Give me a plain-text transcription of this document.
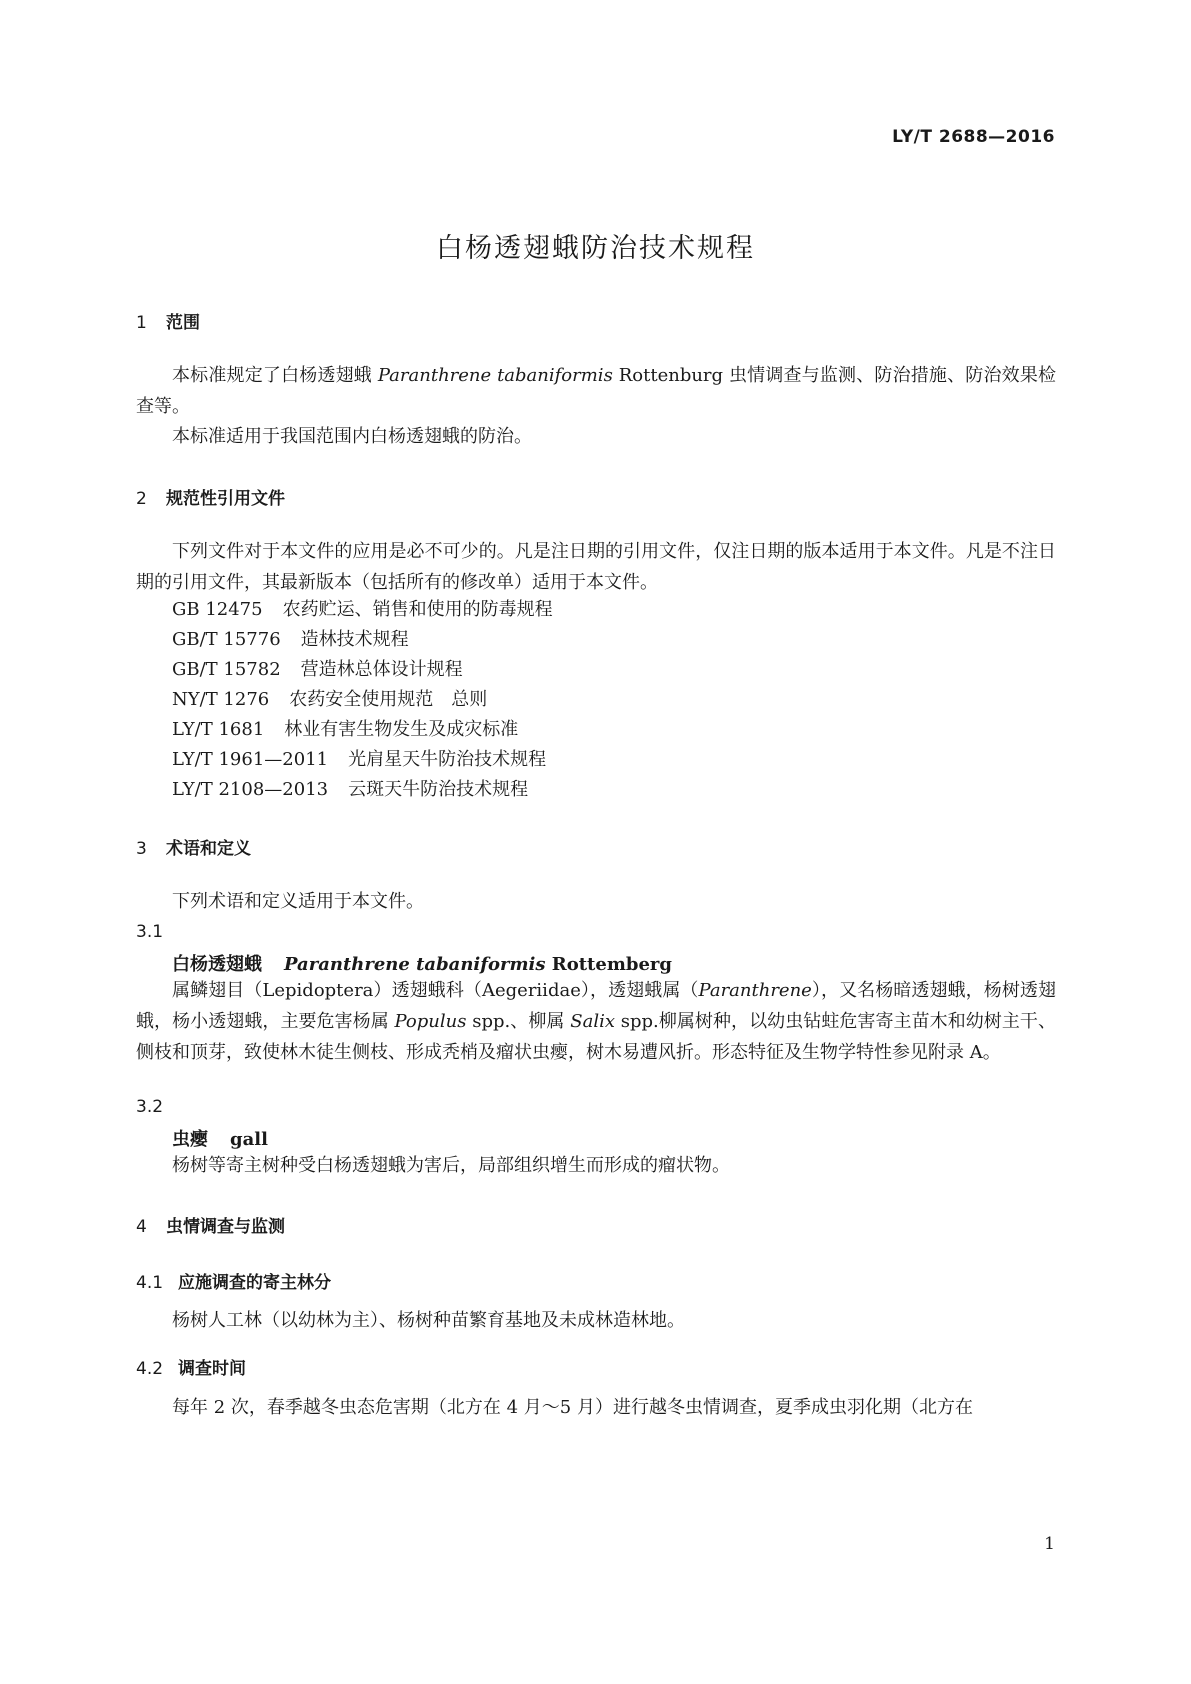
LY/T 2688—2016
白杨透翅蛾防治技术规程
1 范围
本标准规定了白杨透翅蛾 Paranthrene tabaniformis Rottenburg 虫情调查与监测、防治措施、防治效果检查等。
本标准适用于我国范围内白杨透翅蛾的防治。
2 规范性引用文件
下列文件对于本文件的应用是必不可少的。凡是注日期的引用文件，仅注日期的版本适用于本文件。凡是不注日期的引用文件，其最新版本（包括所有的修改单）适用于本文件。
GB 12475 农药贮运、销售和使用的防毒规程
GB/T 15776 造林技术规程
GB/T 15782 营造林总体设计规程
NY/T 1276 农药安全使用规范　总则
LY/T 1681 林业有害生物发生及成灾标准
LY/T 1961—2011 光肩星天牛防治技术规程
LY/T 2108—2013 云斑天牛防治技术规程
3 术语和定义
下列术语和定义适用于本文件。
3.1
白杨透翅蛾 Paranthrene tabaniformis Rottemberg
属鳞翅目（Lepidoptera）透翅蛾科（Aegeriidae），透翅蛾属（Paranthrene），又名杨暗透翅蛾，杨树透翅蛾，杨小透翅蛾，主要危害杨属 Populus spp.、柳属 Salix spp.柳属树种，以幼虫钻蛀危害寄主苗木和幼树主干、侧枝和顶芽，致使林木徒生侧枝、形成秃梢及瘤状虫瘿，树木易遭风折。形态特征及生物学特性参见附录 A。
3.2
虫瘿 gall
杨树等寄主树种受白杨透翅蛾为害后，局部组织增生而形成的瘤状物。
4 虫情调查与监测
4.1 应施调查的寄主林分
杨树人工林（以幼林为主）、杨树种苗繁育基地及未成林造林地。
4.2 调查时间
每年 2 次，春季越冬虫态危害期（北方在 4 月～5 月）进行越冬虫情调查，夏季成虫羽化期（北方在
1
